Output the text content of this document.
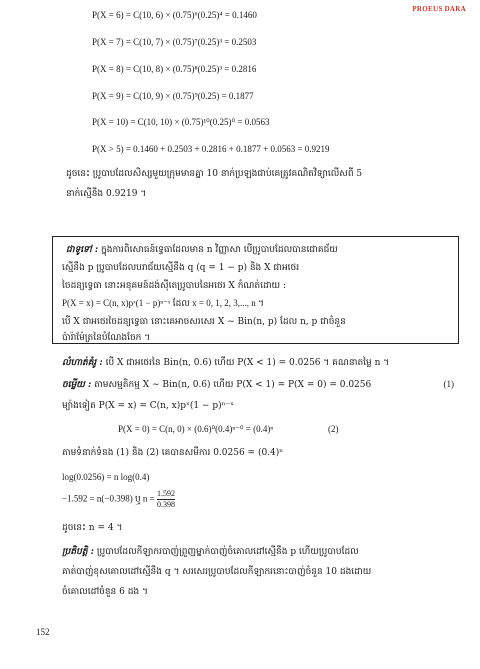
PROEUS DARA
P(X = 6) = C(10, 6) × (0.75)⁶(0.25)⁴ = 0.1460
P(X = 7) = C(10, 7) × (0.75)⁷(0.25)³ = 0.2503
P(X = 8) = C(10, 8) × (0.75)⁸(0.25)³ = 0.2816
P(X = 9) = C(10, 9) × (0.75)⁹(0.25) = 0.1877
P(X = 10) = C(10, 10) × (0.75)¹⁰(0.25)⁰ = 0.0563
P(X > 5) = 0.1460 + 0.2503 + 0.2816 + 0.1877 + 0.0563 = 0.9219
ដូចនេះ ប្រូបាបដែលសិស្សមួយក្រុមមានគ្នា 10 នាក់ប្រឡងជាប់គេត្រូវគណិតវិទ្យាលើសពី 5
នាក់ស្មើនឹង 0.9219 ។
ជាទូទៅ : ក្នុងការពិសោធន៍ទ្វេធាដែលមាន n វិញ្ញាសា បើប្រូបាបដែលបានជោគជ័យ
ស្មើនឹង p ប្រូបាបដែលបរាជ័យស្មើនឹង q (q = 1 − p) និង X ជាអថេរ
ចៃដន្យទ្វេធា នោះអនុគមន៍ដង់ស៊ីតេប្រូបាបនៃអថេរ X កំណត់ដោយ :
P(X = x) = C(n, x)pˣ(1 − p)ⁿ⁻ˣ ដែល x = 0, 1, 2, 3,..., n ។
បើ X ជាអថេរចៃដន្យទ្វេធា នោះគេអាចសរសេរ X ∼ Bin(n, p) ដែល n, p ជាចំនួន
ប៉ារ៉ាម៉ែត្រនៃបំណែងចែក ។
លំហាត់គំរូ : បើ X ជាអថេរនៃ Bin(n, 0.6) ហើយ P(X < 1) = 0.0256 ។ គណនាតម្លៃ n ។
ចម្លើយ : តាមសម្មតិកម្ម X ∼ Bin(n, 0.6) ហើយ P(X < 1) = P(X = 0) = 0.0256	(1)
ម្យ៉ាងទៀត P(X = x) = C(n, x)pˣ(1 − p)ⁿ⁻ˣ
P(X = 0) = C(n, 0) × (0.6)⁰(0.4)ⁿ⁻⁰ = (0.4)ⁿ	(2)
តាមទំនាក់ទំនង (1) និង (2) គេបានសមីការ 0.0256 = (0.4)ⁿ
log(0.0256) = n log(0.4)
−1.592 = n(−0.398) ឬ $n = \frac{1.592}{0.398}$
ដូចនេះ n = 4 ។
ប្រតិបត្តិ : ប្រូបាបដែលកីឡាករបាញ់ព្រួញម្នាក់បាញ់ចំគោលដៅស្មើនឹង p ហើយប្រូបាបដែល
គាត់បាញ់ខុសគោលដៅស្មើនឹង q ។ សរសេរប្រូបាបដែលកីឡាករនោះបាញ់ចំនួន 10 ដងដោយ
ចំគោលដៅចំនួន 6 ដង ។
152
